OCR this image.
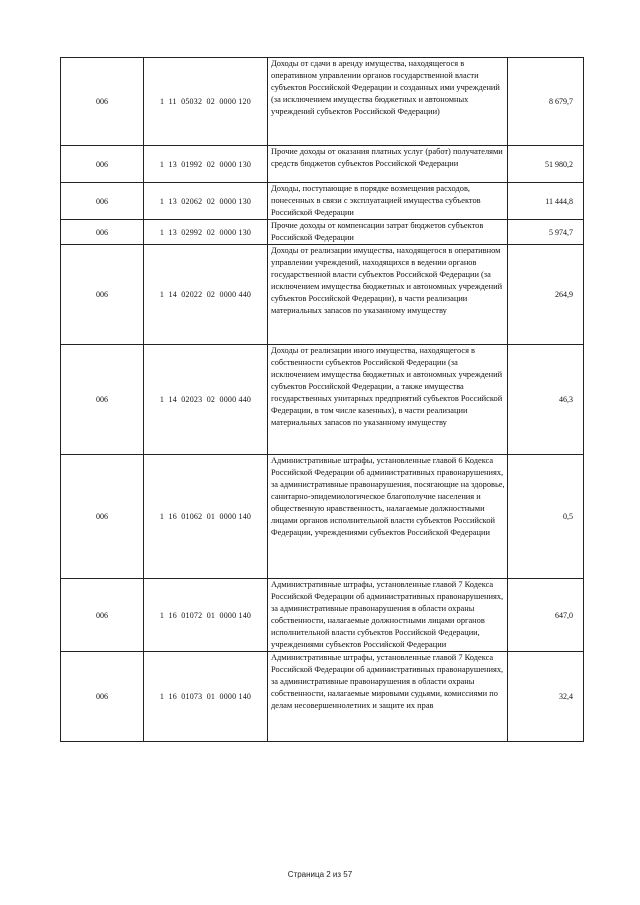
006	1  11  05032  02  0000 120	Доходы от сдачи в аренду имущества, находящегося в оперативном управлении органов государственной власти субъектов Российской Федерации и созданных ими учреждений (за исключением имущества бюджетных и автономных учреждений субъектов Российской Федерации)	8 679,7
006	1  13  01992  02  0000 130	Прочие доходы от оказания платных услуг (работ) получателями средств бюджетов субъектов Российской Федерации	51 980,2
006	1  13  02062  02  0000 130	Доходы, поступающие в порядке возмещения расходов, понесенных в связи с эксплуатацией имущества субъектов Российской Федерации	11 444,8
006	1  13  02992  02  0000 130	Прочие доходы от компенсации затрат бюджетов субъектов Российской Федерации	5 974,7
006	1  14  02022  02  0000 440	Доходы от реализации имущества, находящегося в оперативном управлении учреждений, находящихся в ведении органов государственной власти субъектов Российской Федерации (за исключением имущества бюджетных и автономных учреждений субъектов Российской Федерации), в части реализации материальных запасов по указанному имуществу	264,9
006	1  14  02023  02  0000 440	Доходы от реализации иного имущества, находящегося в собственности субъектов Российской Федерации (за исключением имущества бюджетных и автономных учреждений субъектов Российской Федерации, а также имущества государственных унитарных предприятий субъектов Российской Федерации, в том числе казенных), в части реализации материальных запасов по указанному имуществу	46,3
006	1  16  01062  01  0000 140	Административные штрафы, установленные главой 6 Кодекса Российской Федерации об административных правонарушениях, за административные правонарушения, посягающие на здоровье, санитарно-эпидемиологическое благополучие населения и общественную нравственность, налагаемые должностными лицами органов исполнительной власти субъектов Российской Федерации, учреждениями субъектов Российской Федерации	0,5
006	1  16  01072  01  0000 140	Административные штрафы, установленные главой 7 Кодекса Российской Федерации об административных правонарушениях, за административные правонарушения в области охраны собственности, налагаемые должностными лицами органов исполнительной власти субъектов Российской Федерации, учреждениями субъектов Российской Федерации	647,0
006	1  16  01073  01  0000 140	Административные штрафы, установленные главой 7 Кодекса Российской Федерации об административных правонарушениях, за административные правонарушения в области охраны собственности, налагаемые мировыми судьями, комиссиями по делам несовершеннолетних и защите их прав	32,4
Страница 2 из 57
